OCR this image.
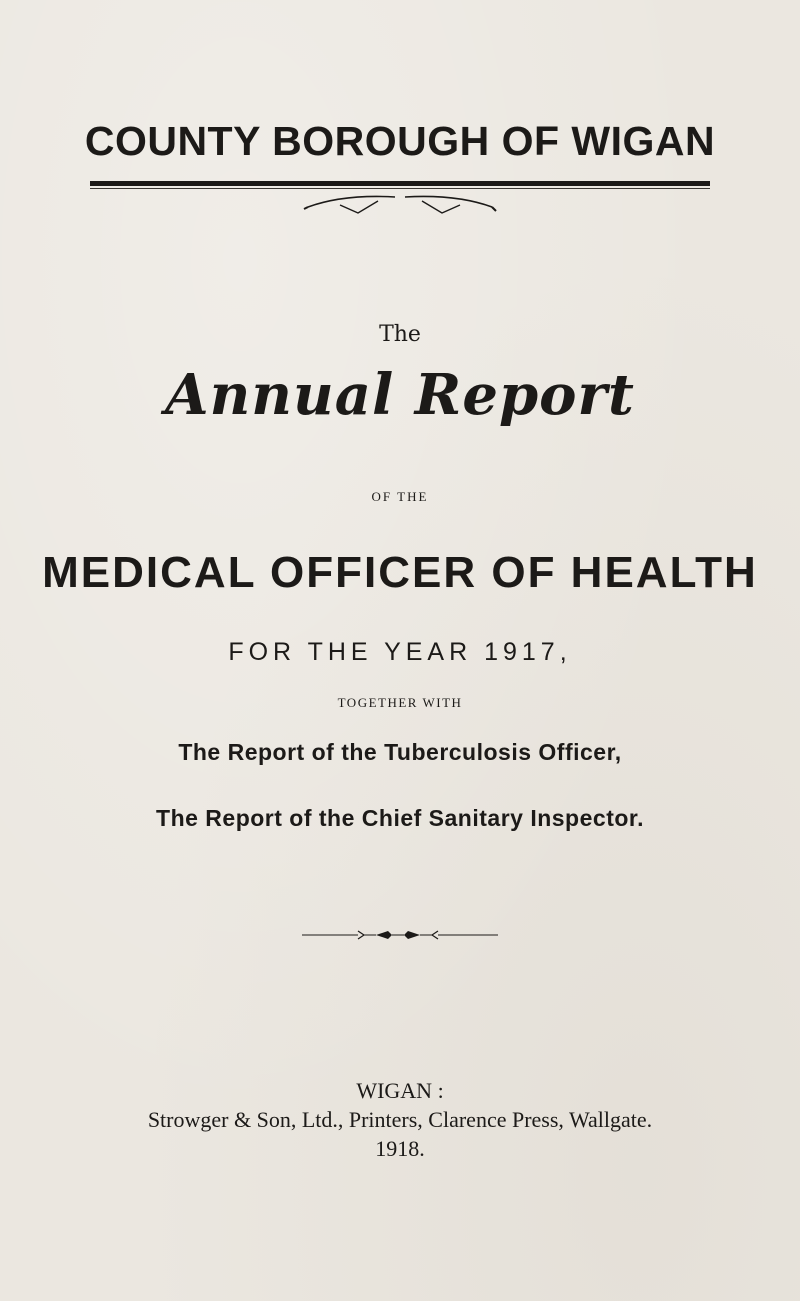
COUNTY BOROUGH OF WIGAN
The
Annual Report
OF THE
MEDICAL OFFICER OF HEALTH
FOR THE YEAR 1917,
TOGETHER WITH
The Report of the Tuberculosis Officer,
The Report of the Chief Sanitary Inspector.
WIGAN :
Strowger & Son, Ltd., Printers, Clarence Press, Wallgate.
1918.
